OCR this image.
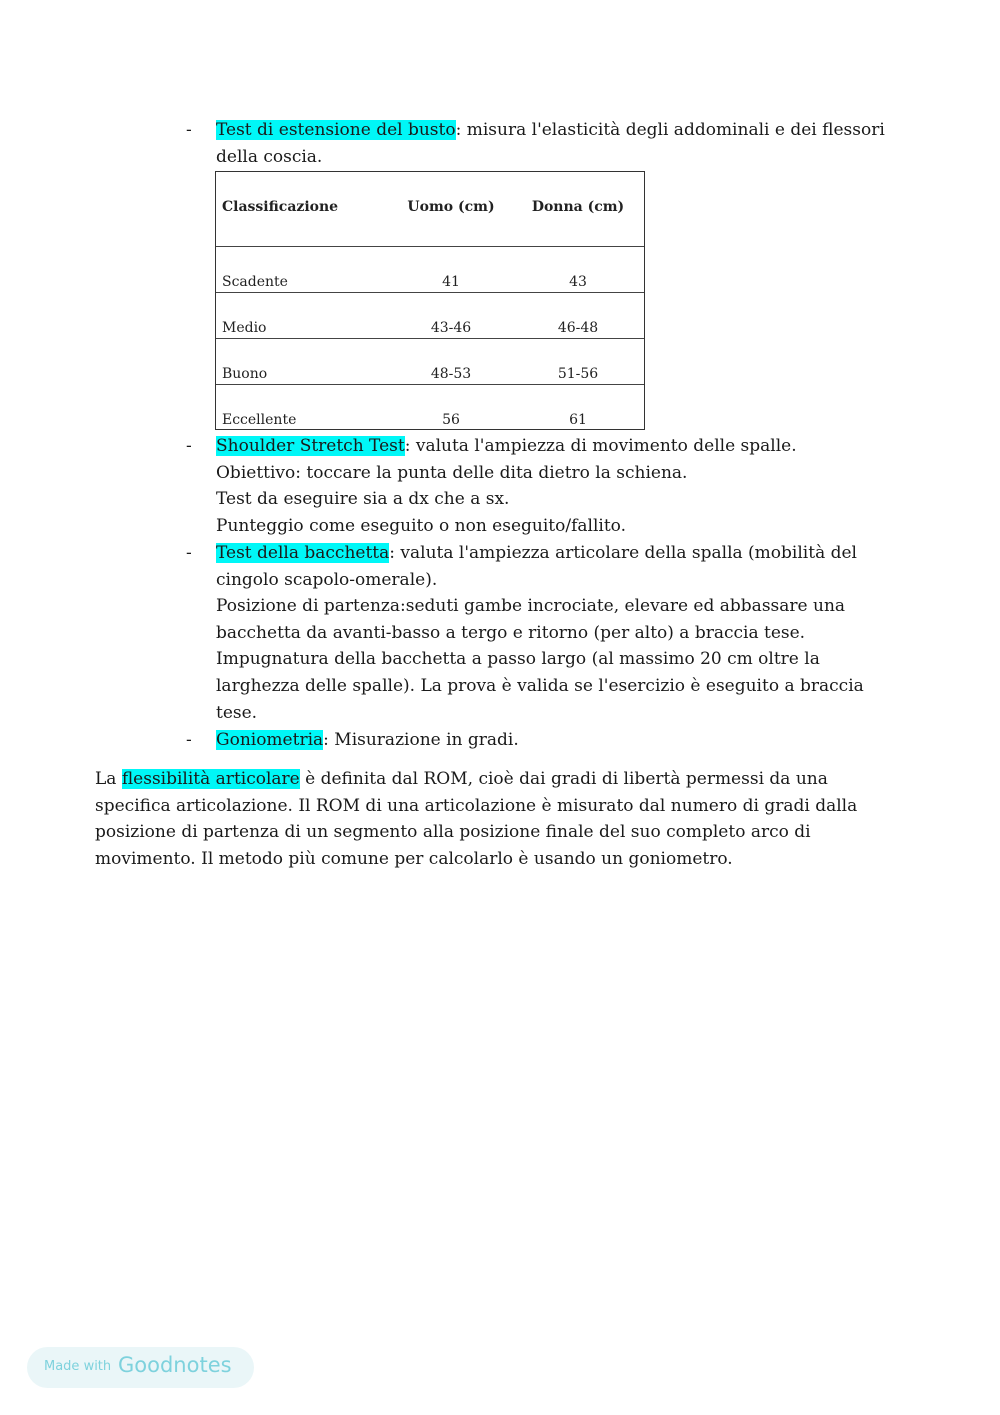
-	Test di estensione del busto: misura l'elasticità degli addominali e dei flessori
della coscia.
Classificazione	Uomo (cm)	Donna (cm)
Scadente	41	43
Medio	43-46	46-48
Buono	48-53	51-56
Eccellente	56	61
-	Shoulder Stretch Test: valuta l'ampiezza di movimento delle spalle.
Obiettivo: toccare la punta delle dita dietro la schiena.
Test da eseguire sia a dx che a sx.
Punteggio come eseguito o non eseguito/fallito.
-	Test della bacchetta: valuta l'ampiezza articolare della spalla (mobilità del
cingolo scapolo-omerale).
Posizione di partenza:seduti gambe incrociate, elevare ed abbassare una
bacchetta da avanti-basso a tergo e ritorno (per alto) a braccia tese.
Impugnatura della bacchetta a passo largo (al massimo 20 cm oltre la
larghezza delle spalle). La prova è valida se l'esercizio è eseguito a braccia
tese.
-	Goniometria: Misurazione in gradi.
La flessibilità articolare è definita dal ROM, cioè dai gradi di libertà permessi da una
specifica articolazione. Il ROM di una articolazione è misurato dal numero di gradi dalla
posizione di partenza di un segmento alla posizione finale del suo completo arco di
movimento. Il metodo più comune per calcolarlo è usando un goniometro.
Made with Goodnotes
